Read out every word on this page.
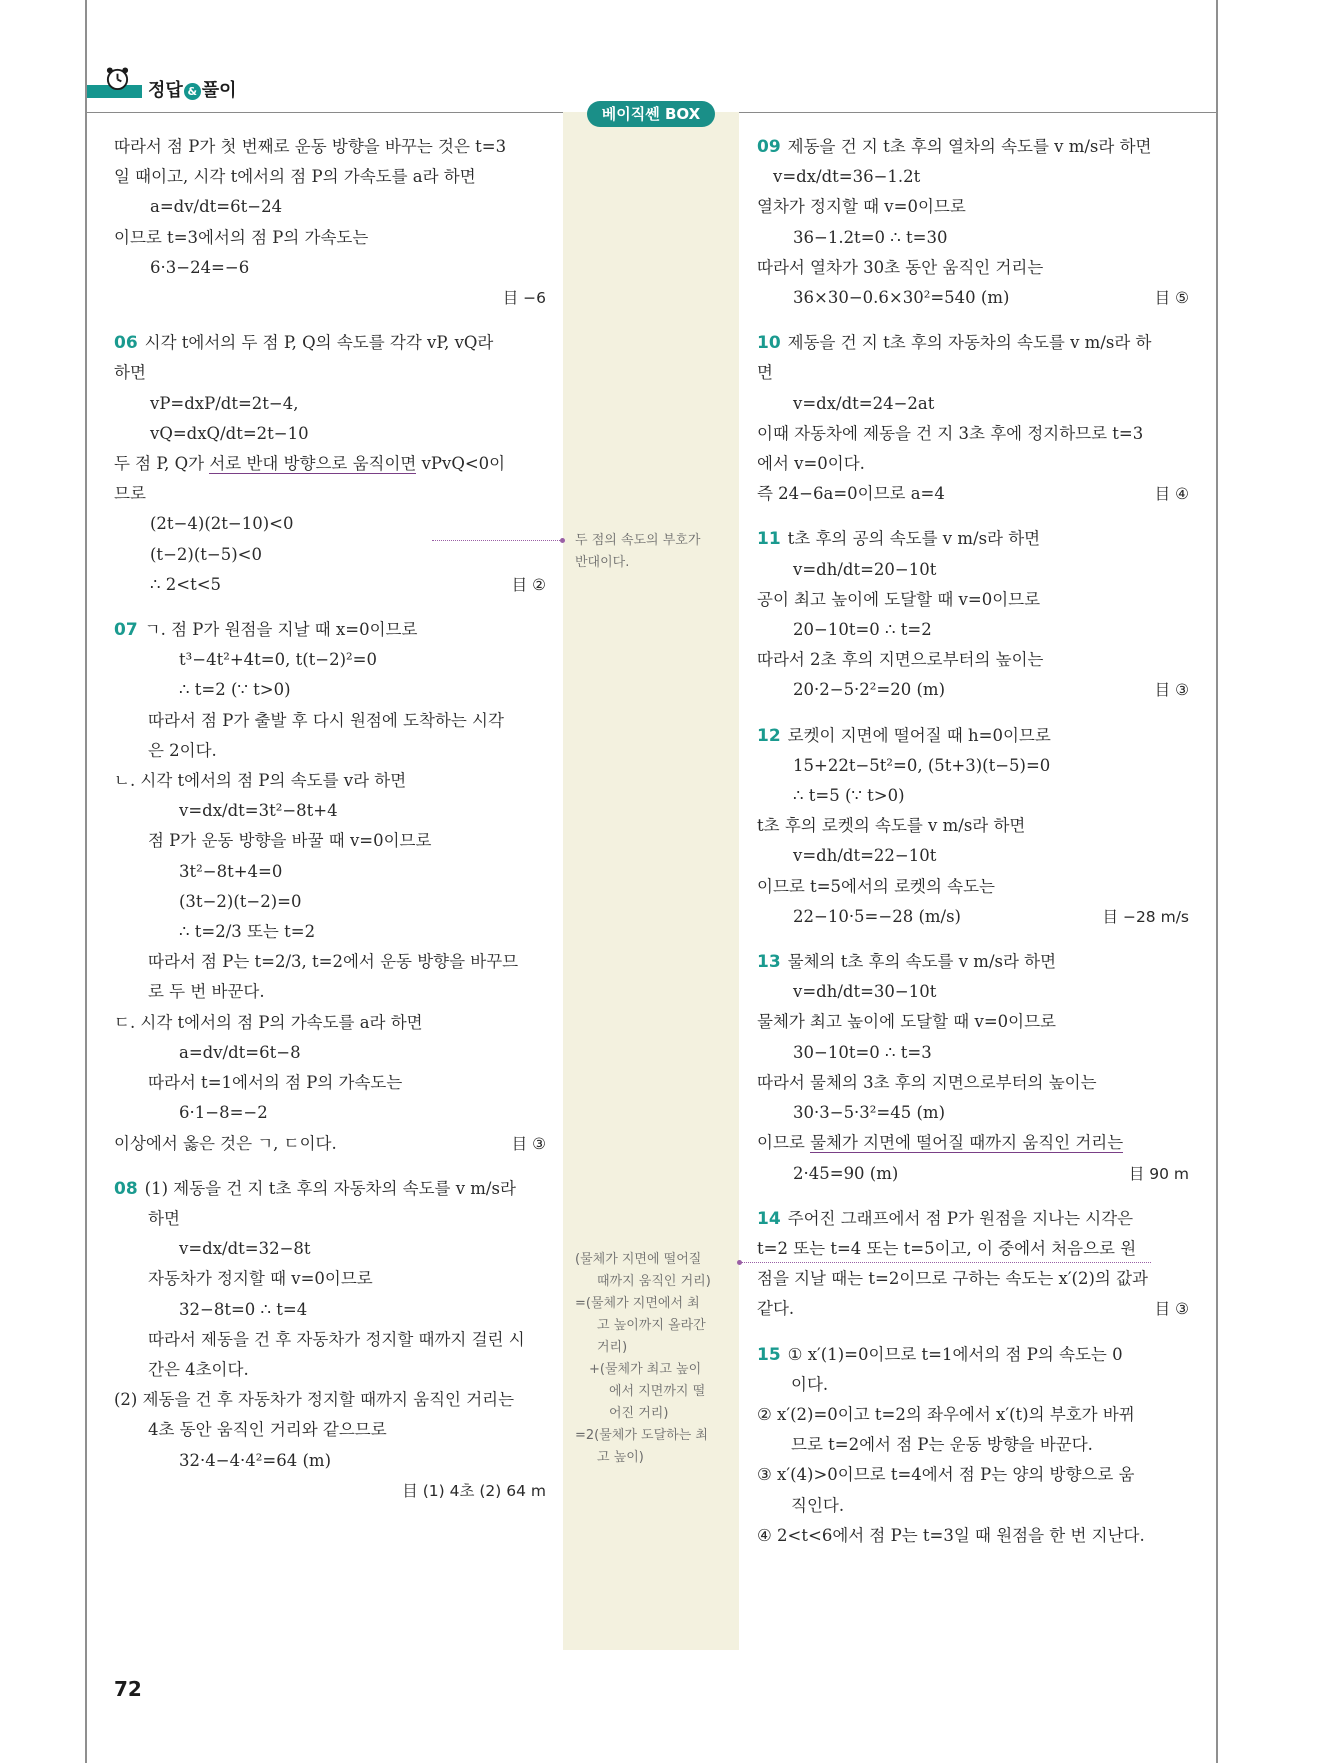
정답 & 풀이
베이직쎈 BOX
따라서 점 P가 첫 번째로 운동 방향을 바꾸는 것은 t=3
일 때이고, 시각 t에서의 점 P의 가속도를 a라 하면
a=dv/dt=6t−24
이므로 t=3에서의 점 P의 가속도는
6·3−24=−6
目 −6
06 시각 t에서의 두 점 P, Q의 속도를 각각 vP, vQ라
하면
vP=dxP/dt=2t−4,
vQ=dxQ/dt=2t−10
두 점 P, Q가 서로 반대 방향으로 움직이면 vPvQ<0이
므로
(2t−4)(2t−10)<0
(t−2)(t−5)<0
∴ 2<t<5	目 ②
07 ㄱ. 점 P가 원점을 지날 때 x=0이므로
t³−4t²+4t=0, t(t−2)²=0
∴ t=2 (∵ t>0)
따라서 점 P가 출발 후 다시 원점에 도착하는 시각
은 2이다.
ㄴ. 시각 t에서의 점 P의 속도를 v라 하면
v=dx/dt=3t²−8t+4
점 P가 운동 방향을 바꿀 때 v=0이므로
3t²−8t+4=0
(3t−2)(t−2)=0
∴ t=2/3 또는 t=2
따라서 점 P는 t=2/3, t=2에서 운동 방향을 바꾸므
로 두 번 바꾼다.
ㄷ. 시각 t에서의 점 P의 가속도를 a라 하면
a=dv/dt=6t−8
따라서 t=1에서의 점 P의 가속도는
6·1−8=−2
이상에서 옳은 것은 ㄱ, ㄷ이다.	目 ③
08 (1) 제동을 건 지 t초 후의 자동차의 속도를 v m/s라
하면
v=dx/dt=32−8t
자동차가 정지할 때 v=0이므로
32−8t=0 ∴ t=4
따라서 제동을 건 후 자동차가 정지할 때까지 걸린 시
간은 4초이다.
(2) 제동을 건 후 자동차가 정지할 때까지 움직인 거리는
4초 동안 움직인 거리와 같으므로
32·4−4·4²=64 (m)
目 (1) 4초 (2) 64 m
09 제동을 건 지 t초 후의 열차의 속도를 v m/s라 하면
v=dx/dt=36−1.2t
열차가 정지할 때 v=0이므로
36−1.2t=0 ∴ t=30
따라서 열차가 30초 동안 움직인 거리는
36×30−0.6×30²=540 (m)	目 ⑤
10 제동을 건 지 t초 후의 자동차의 속도를 v m/s라 하
면
v=dx/dt=24−2at
이때 자동차에 제동을 건 지 3초 후에 정지하므로 t=3
에서 v=0이다.
즉 24−6a=0이므로 a=4	目 ④
11 t초 후의 공의 속도를 v m/s라 하면
v=dh/dt=20−10t
공이 최고 높이에 도달할 때 v=0이므로
20−10t=0 ∴ t=2
따라서 2초 후의 지면으로부터의 높이는
20·2−5·2²=20 (m)	目 ③
12 로켓이 지면에 떨어질 때 h=0이므로
15+22t−5t²=0, (5t+3)(t−5)=0
∴ t=5 (∵ t>0)
t초 후의 로켓의 속도를 v m/s라 하면
v=dh/dt=22−10t
이므로 t=5에서의 로켓의 속도는
22−10·5=−28 (m/s)	目 −28 m/s
13 물체의 t초 후의 속도를 v m/s라 하면
v=dh/dt=30−10t
물체가 최고 높이에 도달할 때 v=0이므로
30−10t=0 ∴ t=3
따라서 물체의 3초 후의 지면으로부터의 높이는
30·3−5·3²=45 (m)
이므로 물체가 지면에 떨어질 때까지 움직인 거리는
2·45=90 (m)	目 90 m
14 주어진 그래프에서 점 P가 원점을 지나는 시각은
t=2 또는 t=4 또는 t=5이고, 이 중에서 처음으로 원
점을 지날 때는 t=2이므로 구하는 속도는 x′(2)의 값과
같다.	目 ③
15 ① x′(1)=0이므로 t=1에서의 점 P의 속도는 0
이다.
② x′(2)=0이고 t=2의 좌우에서 x′(t)의 부호가 바뀌
므로 t=2에서 점 P는 운동 방향을 바꾼다.
③ x′(4)>0이므로 t=4에서 점 P는 양의 방향으로 움
직인다.
④ 2<t<6에서 점 P는 t=3일 때 원점을 한 번 지난다.
두 점의 속도의 부호가
반대이다.
(물체가 지면에 떨어질
때까지 움직인 거리)
=(물체가 지면에서 최
고 높이까지 올라간
거리)
+(물체가 최고 높이
에서 지면까지 떨
어진 거리)
=2(물체가 도달하는 최
고 높이)
72
